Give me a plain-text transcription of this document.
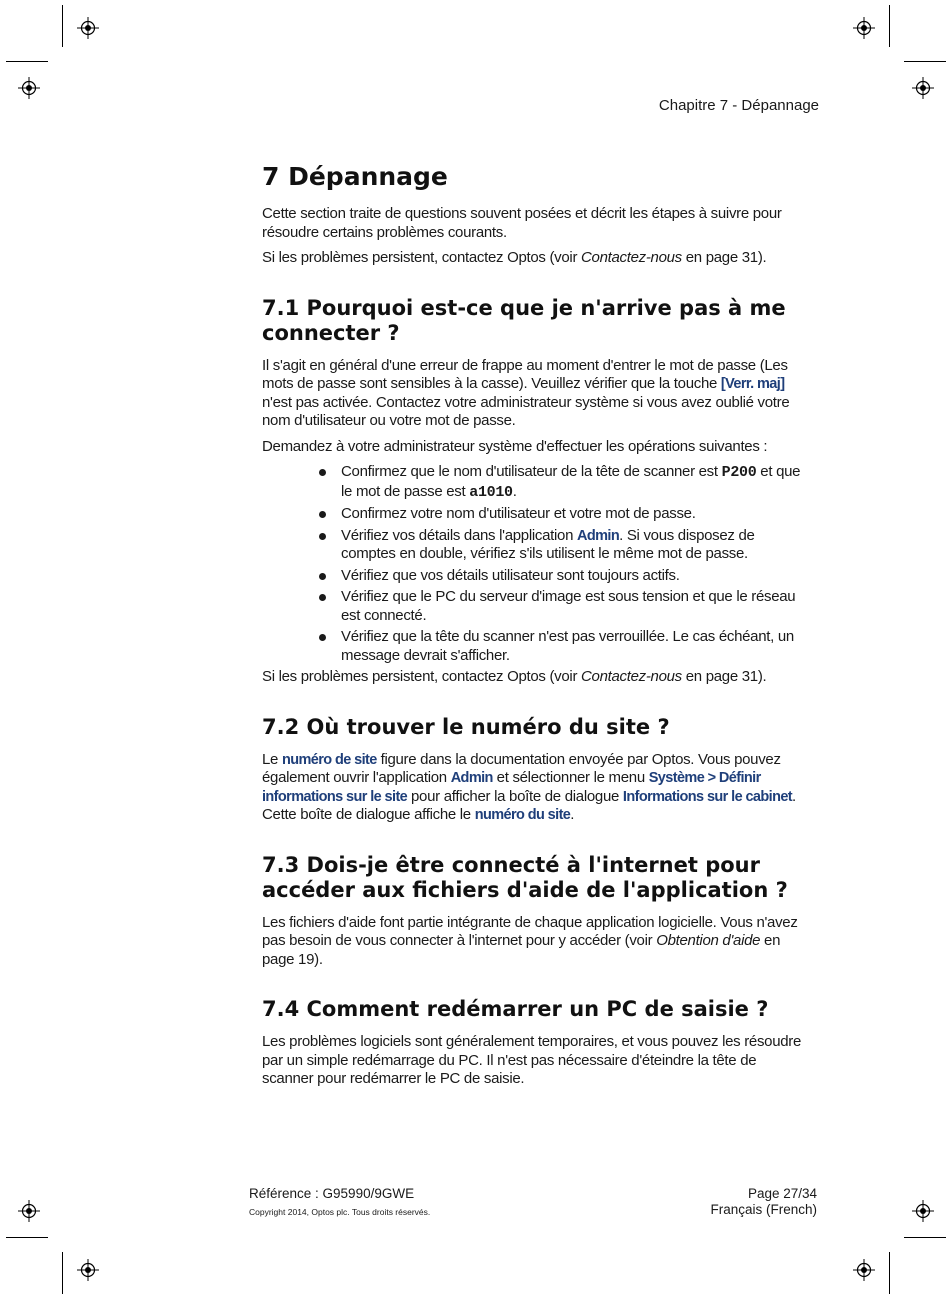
Chapitre 7 - Dépannage
7 Dépannage

Cette section traite de questions souvent posées et décrit les étapes à suivre pour résoudre certains problèmes courants.

Si les problèmes persistent, contactez Optos (voir Contactez-nous en page 31).

7.1 Pourquoi est-ce que je n'arrive pas à me connecter ?

Il s'agit en général d'une erreur de frappe au moment d'entrer le mot de passe (Les mots de passe sont sensibles à la casse). Veuillez vérifier que la touche [Verr. maj] n'est pas activée. Contactez votre administrateur système si vous avez oublié votre nom d'utilisateur ou votre mot de passe.

Demandez à votre administrateur système d'effectuer les opérations suivantes :

Confirmez que le nom d'utilisateur de la tête de scanner est P200 et que le mot de passe est a1010.
Confirmez votre nom d'utilisateur et votre mot de passe.
Vérifiez vos détails dans l'application Admin. Si vous disposez de comptes en double, vérifiez s'ils utilisent le même mot de passe.
Vérifiez que vos détails utilisateur sont toujours actifs.
Vérifiez que le PC du serveur d'image est sous tension et que le réseau est connecté.
Vérifiez que la tête du scanner n'est pas verrouillée. Le cas échéant, un message devrait s'afficher.

Si les problèmes persistent, contactez Optos (voir Contactez-nous en page 31).

7.2 Où trouver le numéro du site ?

Le numéro de site figure dans la documentation envoyée par Optos. Vous pouvez également ouvrir l'application Admin et sélectionner le menu Système > Définir informations sur le site pour afficher la boîte de dialogue Informations sur le cabinet. Cette boîte de dialogue affiche le numéro du site.

7.3 Dois-je être connecté à l'internet pour accéder aux fichiers d'aide de l'application ?

Les fichiers d'aide font partie intégrante de chaque application logicielle. Vous n'avez pas besoin de vous connecter à l'internet pour y accéder (voir Obtention d'aide en page 19).

7.4 Comment redémarrer un PC de saisie ?

Les problèmes logiciels sont généralement temporaires, et vous pouvez les résoudre par un simple redémarrage du PC. Il n'est pas nécessaire d'éteindre la tête de scanner pour redémarrer le PC de saisie.

Référence : G95990/9GWE
Copyright 2014, Optos plc. Tous droits réservés.
Page 27/34
Français (French)
